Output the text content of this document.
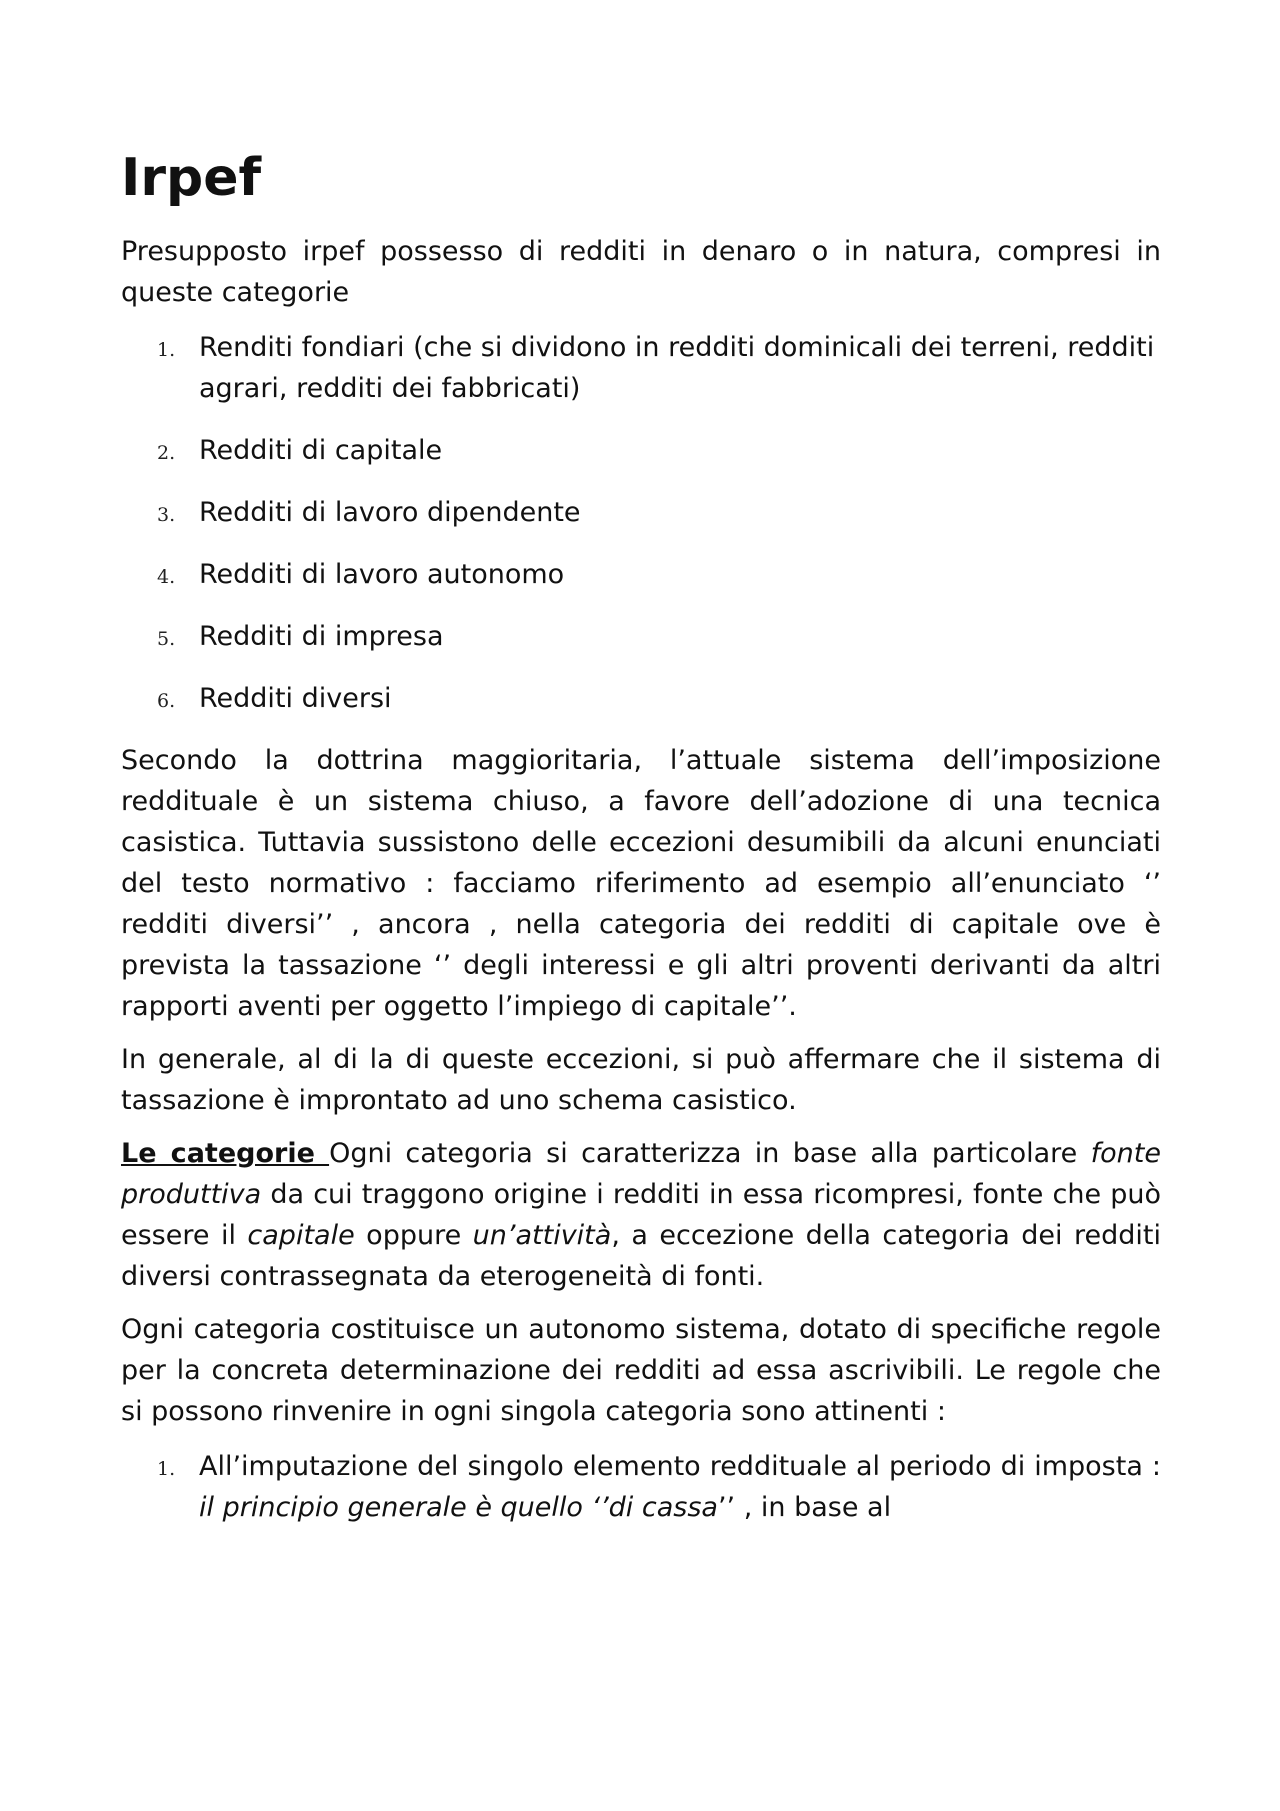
Irpef

Presupposto irpef possesso di redditi in denaro o in natura, compresi in queste categorie

1. Renditi fondiari (che si dividono in redditi dominicali dei terreni, redditi agrari, redditi dei fabbricati)
2. Redditi di capitale
3. Redditi di lavoro dipendente
4. Redditi di lavoro autonomo
5. Redditi di impresa
6. Redditi diversi

Secondo la dottrina maggioritaria, l’attuale sistema dell’imposizione reddituale è un sistema chiuso, a favore dell’adozione di una tecnica casistica. Tuttavia sussistono delle eccezioni desumibili da alcuni enunciati del testo normativo : facciamo riferimento ad esempio all’enunciato ‘’ redditi diversi’’ , ancora , nella categoria dei redditi di capitale ove è prevista la tassazione ‘’ degli interessi e gli altri proventi derivanti da altri rapporti aventi per oggetto l’impiego di capitale’’.

In generale, al di la di queste eccezioni, si può affermare che il sistema di tassazione è improntato ad uno schema casistico.

Le categorie Ogni categoria si caratterizza in base alla particolare fonte produttiva da cui traggono origine i redditi in essa ricompresi, fonte che può essere il capitale oppure un’attività, a eccezione della categoria dei redditi diversi contrassegnata da eterogeneità di fonti.

Ogni categoria costituisce un autonomo sistema, dotato di specifiche regole per la concreta determinazione dei redditi ad essa ascrivibili. Le regole che si possono rinvenire in ogni singola categoria sono attinenti :

1. All’imputazione del singolo elemento reddituale al periodo di imposta : il principio generale è quello ‘’di cassa’’ , in base al
